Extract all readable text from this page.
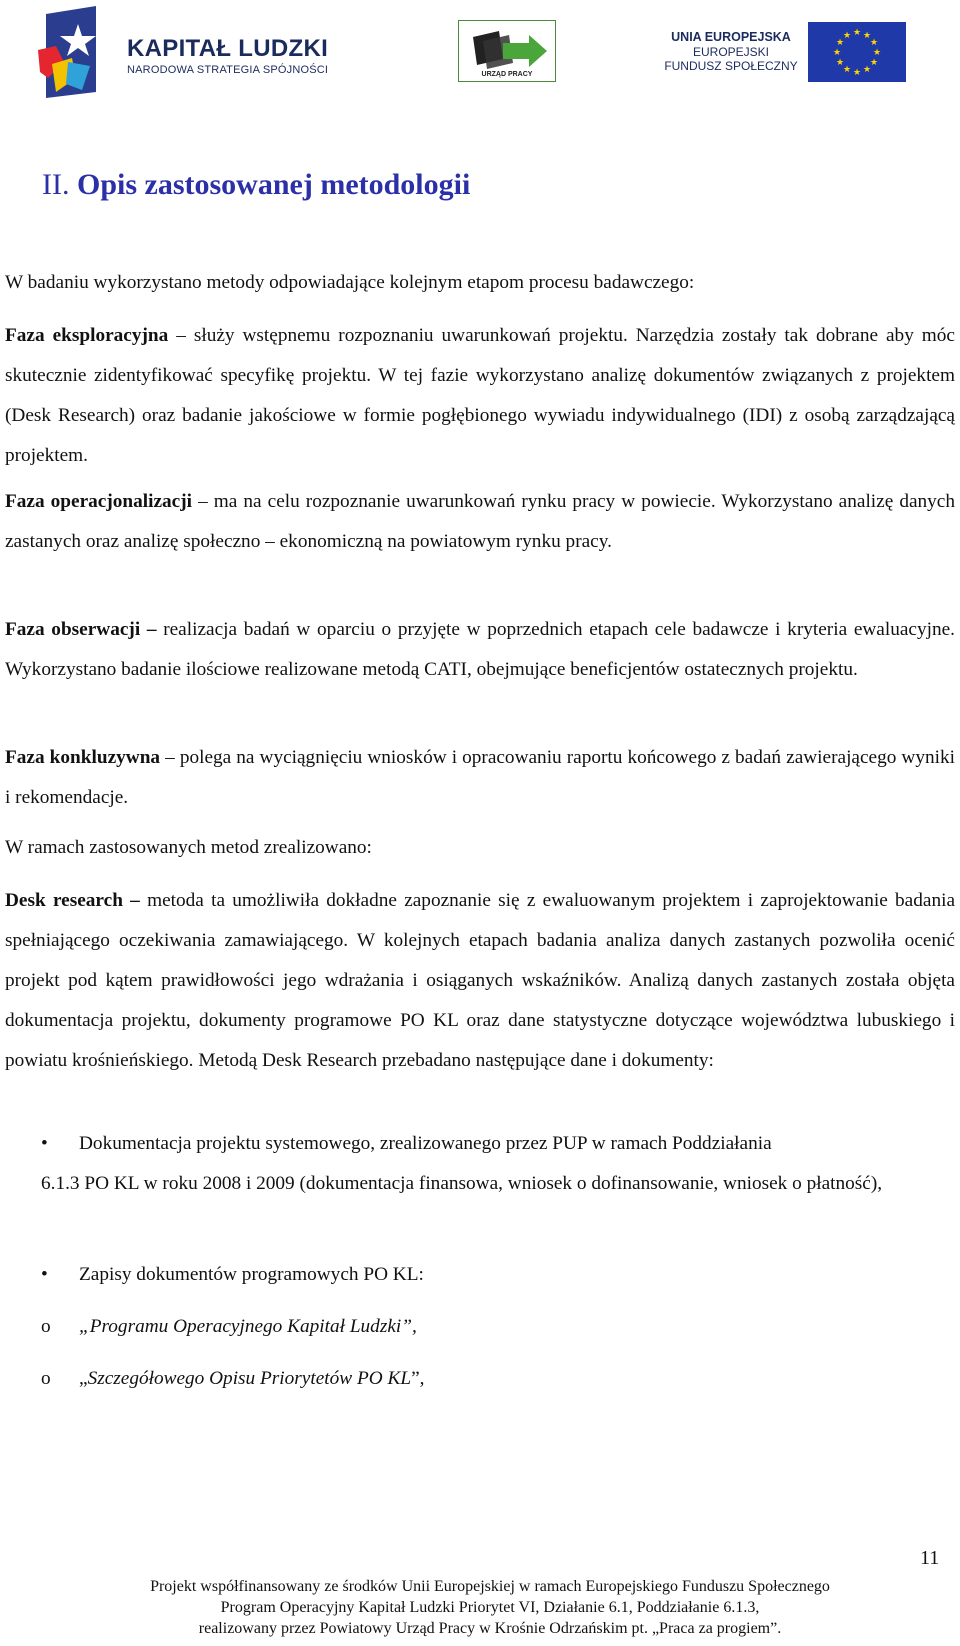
KAPITAŁ LUDZKI
NARODOWA STRATEGIA SPÓJNOŚCI	URZĄD PRACY
UNIA EUROPEJSKA
EUROPEJSKI
FUNDUSZ SPOŁECZNY
★ ★
★
★
★
★
★
★
★
★
★
★
II. Opis zastosowanej metodologii

W badaniu wykorzystano metody odpowiadające kolejnym etapom procesu badawczego:

Faza eksploracyjna – służy wstępnemu rozpoznaniu uwarunkowań projektu. Narzędzia zostały tak dobrane aby móc skutecznie zidentyfikować specyfikę projektu. W tej fazie wykorzystano analizę dokumentów związanych z projektem (Desk Research) oraz badanie jakościowe w formie pogłębionego wywiadu indywidualnego (IDI) z osobą zarządzającą projektem.

Faza operacjonalizacji – ma na celu rozpoznanie uwarunkowań rynku pracy w powiecie. Wykorzystano analizę danych zastanych oraz analizę społeczno – ekonomiczną na powiatowym rynku pracy.

Faza obserwacji – realizacja badań w oparciu o przyjęte w poprzednich etapach cele badawcze i kryteria ewaluacyjne. Wykorzystano badanie ilościowe realizowane metodą CATI, obejmujące beneficjentów ostatecznych projektu.

Faza konkluzywna – polega na wyciągnięciu wniosków i opracowaniu raportu końcowego z badań zawierającego wyniki i rekomendacje.

W ramach zastosowanych metod zrealizowano:

Desk research – metoda ta umożliwiła dokładne zapoznanie się z ewaluowanym projektem i zaprojektowanie badania spełniającego oczekiwania zamawiającego. W kolejnych etapach badania analiza danych zastanych pozwoliła ocenić projekt pod kątem prawidłowości jego wdrażania i osiąganych wskaźników. Analizą danych zastanych została objęta dokumentacja projektu, dokumenty programowe PO KL oraz dane statystyczne dotyczące województwa lubuskiego i powiatu krośnieńskiego. Metodą Desk Research przebadano następujące dane i dokumenty:

• Dokumentacja projektu systemowego, zrealizowanego przez PUP w ramach Poddziałania
6.1.3 PO KL w roku 2008 i 2009 (dokumentacja finansowa, wniosek o dofinansowanie, wniosek o płatność),
• Zapisy dokumentów programowych PO KL:
o „Programu Operacyjnego Kapitał Ludzki”,
o „Szczegółowego Opisu Priorytetów PO KL”,
11
Projekt współfinansowany ze środków Unii Europejskiej w ramach Europejskiego Funduszu Społecznego
Program Operacyjny Kapitał Ludzki Priorytet VI, Działanie 6.1, Poddziałanie 6.1.3,
realizowany przez Powiatowy Urząd Pracy w Krośnie Odrzańskim pt. „Praca za progiem”.
